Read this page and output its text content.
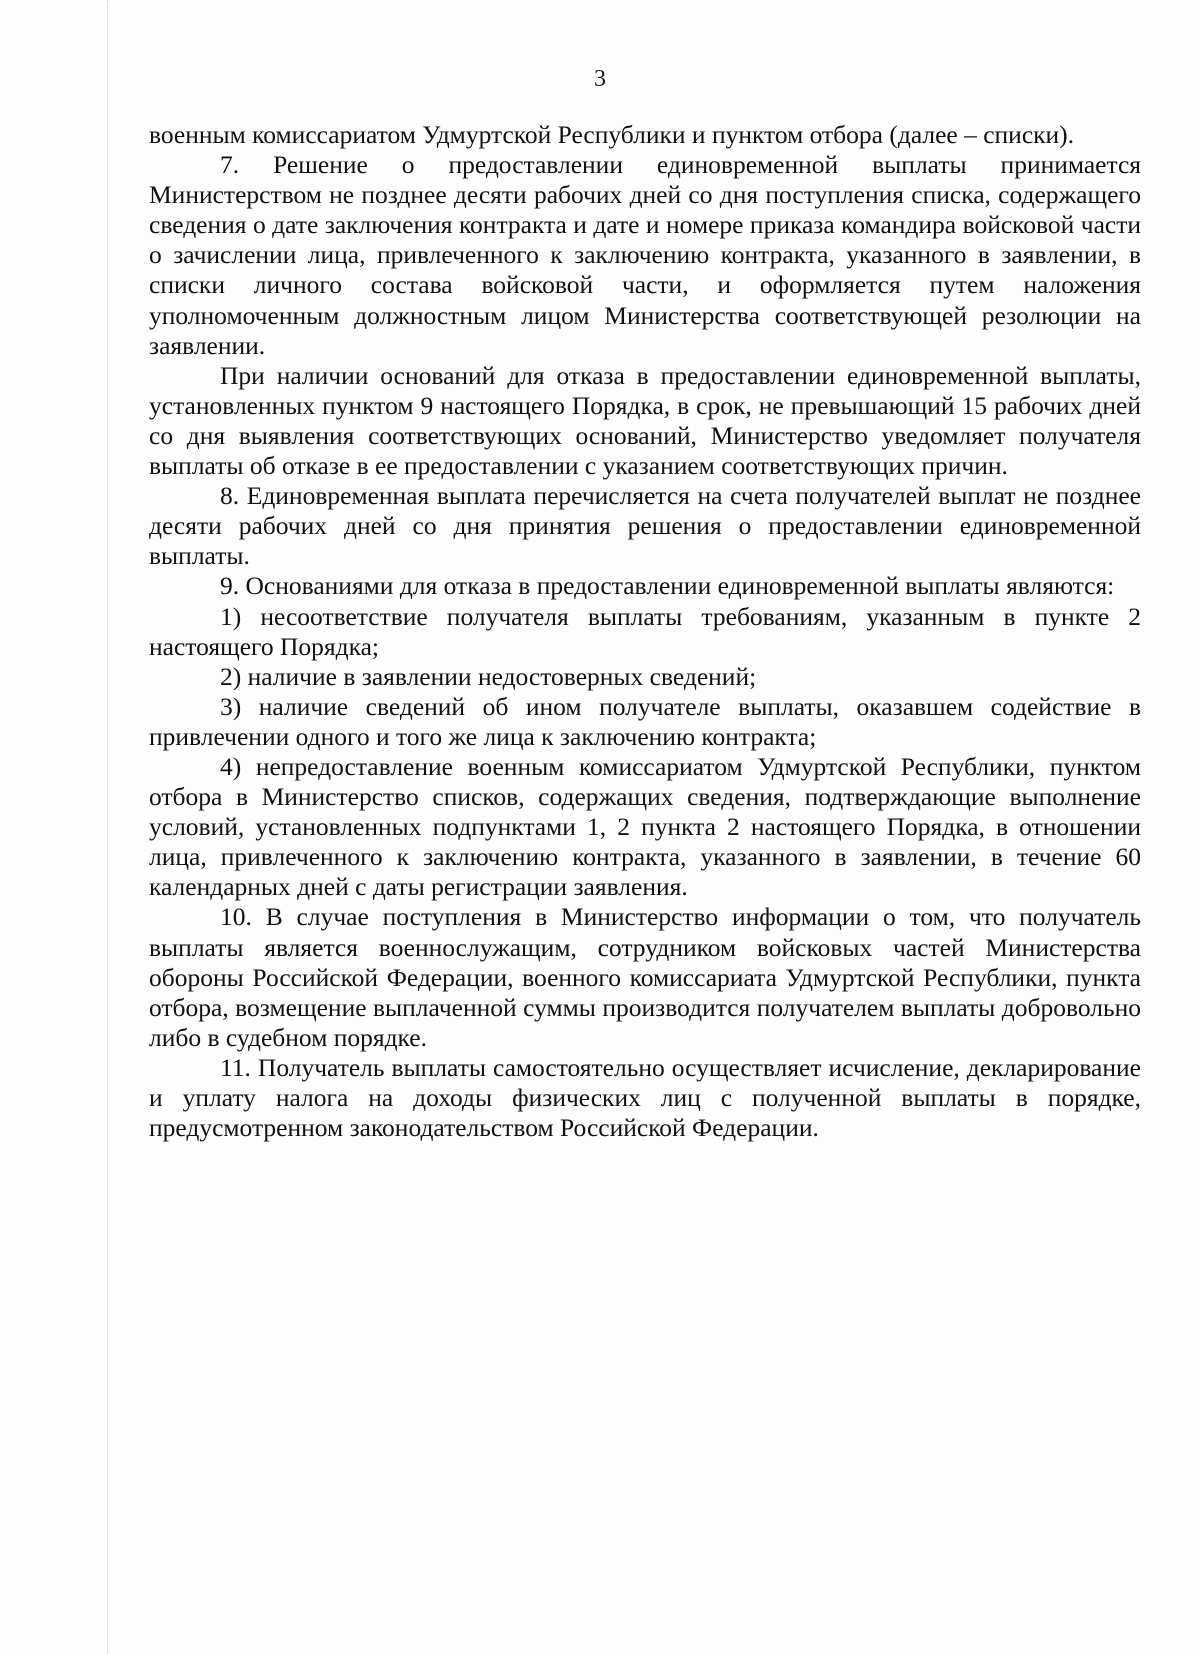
3

военным комиссариатом Удмуртской Республики и пунктом отбора (далее – списки).

7. Решение о предоставлении единовременной выплаты принимается Министерством не позднее десяти рабочих дней со дня поступления списка, содержащего сведения о дате заключения контракта и дате и номере приказа командира войсковой части о зачислении лица, привлеченного к заключению контракта, указанного в заявлении, в списки личного состава войсковой части, и оформляется путем наложения уполномоченным должностным лицом Министерства соответствующей резолюции на заявлении.

При наличии оснований для отказа в предоставлении единовременной выплаты, установленных пунктом 9 настоящего Порядка, в срок, не превышающий 15 рабочих дней со дня выявления соответствующих оснований, Министерство уведомляет получателя выплаты об отказе в ее предоставлении с указанием соответствующих причин.

8. Единовременная выплата перечисляется на счета получателей выплат не позднее десяти рабочих дней со дня принятия решения о предоставлении единовременной выплаты.

9. Основаниями для отказа в предоставлении единовременной выплаты являются:

1) несоответствие получателя выплаты требованиям, указанным в пункте 2 настоящего Порядка;

2) наличие в заявлении недостоверных сведений;

3) наличие сведений об ином получателе выплаты, оказавшем содействие в привлечении одного и того же лица к заключению контракта;

4) непредоставление военным комиссариатом Удмуртской Республики, пунктом отбора в Министерство списков, содержащих сведения, подтверждающие выполнение условий, установленных подпунктами 1, 2 пункта 2 настоящего Порядка, в отношении лица, привлеченного к заключению контракта, указанного в заявлении, в течение 60 календарных дней с даты регистрации заявления.

10. В случае поступления в Министерство информации о том, что получатель выплаты является военнослужащим, сотрудником войсковых частей Министерства обороны Российской Федерации, военного комиссариата Удмуртской Республики, пункта отбора, возмещение выплаченной суммы производится получателем выплаты добровольно либо в судебном порядке.

11. Получатель выплаты самостоятельно осуществляет исчисление, декларирование и уплату налога на доходы физических лиц с полученной выплаты в порядке, предусмотренном законодательством Российской Федерации.
